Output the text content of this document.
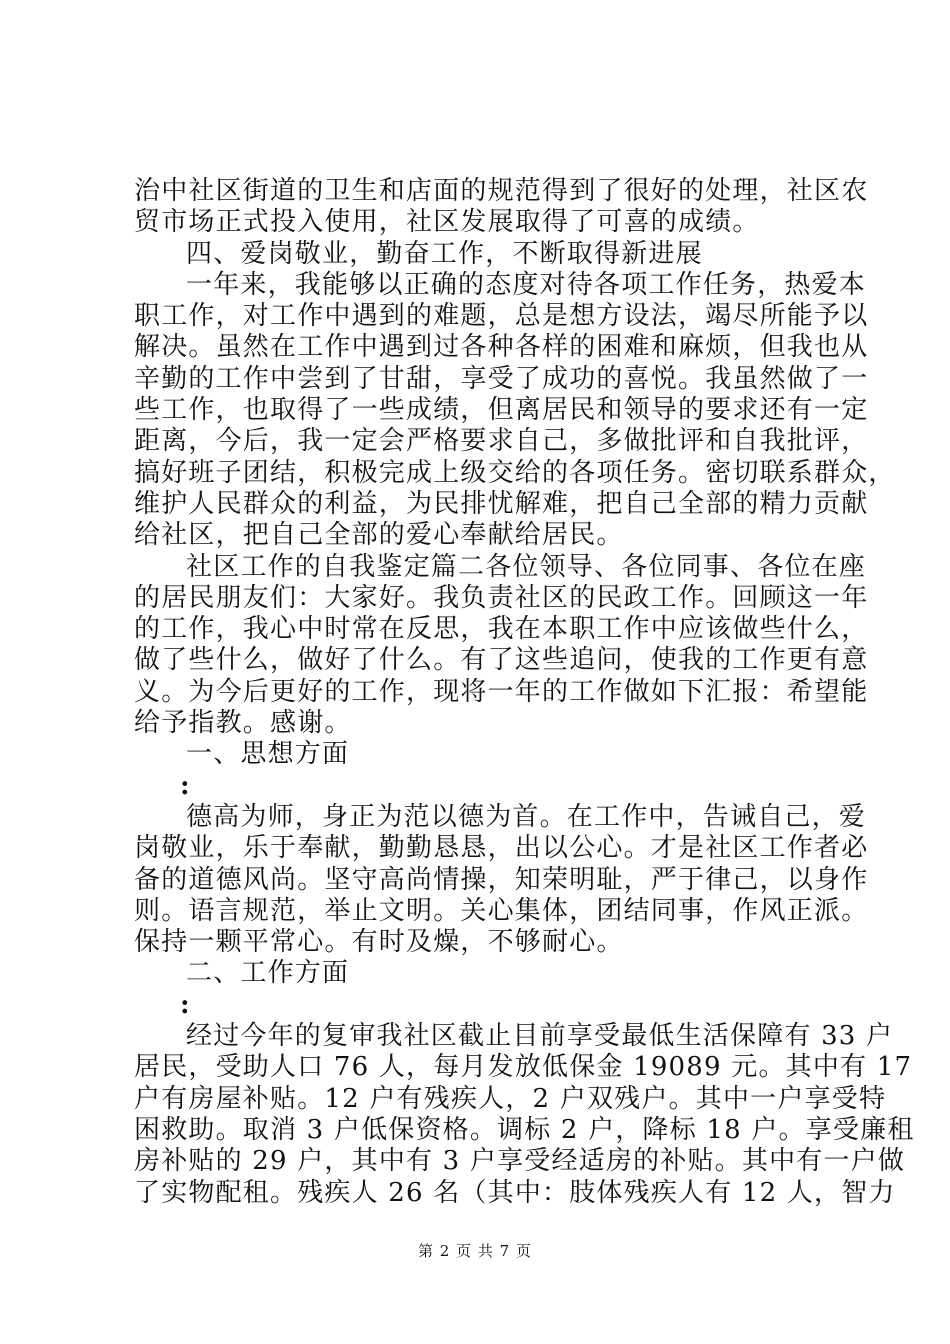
治中社区街道的卫生和店面的规范得到了很好的处理，社区农
贸市场正式投入使用，社区发展取得了可喜的成绩。
四、爱岗敬业，勤奋工作，不断取得新进展
一年来，我能够以正确的态度对待各项工作任务，热爱本
职工作，对工作中遇到的难题，总是想方设法，竭尽所能予以
解决。虽然在工作中遇到过各种各样的困难和麻烦，但我也从
辛勤的工作中尝到了甘甜，享受了成功的喜悦。我虽然做了一
些工作，也取得了一些成绩，但离居民和领导的要求还有一定
距离，今后，我一定会严格要求自己，多做批评和自我批评，
搞好班子团结，积极完成上级交给的各项任务。密切联系群众，
维护人民群众的利益，为民排忧解难，把自己全部的精力贡献
给社区，把自己全部的爱心奉献给居民。
社区工作的自我鉴定篇二各位领导、各位同事、各位在座
的居民朋友们：大家好。我负责社区的民政工作。回顾这一年
的工作，我心中时常在反思，我在本职工作中应该做些什么，
做了些什么，做好了什么。有了这些追问，使我的工作更有意
义。为今后更好的工作，现将一年的工作做如下汇报：希望能
给予指教。感谢。
一、思想方面
:
德高为师，身正为范以德为首。在工作中，告诫自己，爱
岗敬业，乐于奉献，勤勤恳恳，出以公心。才是社区工作者必
备的道德风尚。坚守高尚情操，知荣明耻，严于律己，以身作
则。语言规范，举止文明。关心集体，团结同事，作风正派。
保持一颗平常心。有时及燥，不够耐心。
二、工作方面
:
经过今年的复审我社区截止目前享受最低生活保障有 33 户
居民，受助人口 76 人，每月发放低保金 19089 元。其中有 17
户有房屋补贴。12 户有残疾人，2 户双残户。其中一户享受特
困救助。取消 3 户低保资格。调标 2 户，降标 18 户。享受廉租
房补贴的 29 户，其中有 3 户享受经适房的补贴。其中有一户做
了实物配租。残疾人 26 名（其中：肢体残疾人有 12 人，智力
第 2 页 共 7 页
